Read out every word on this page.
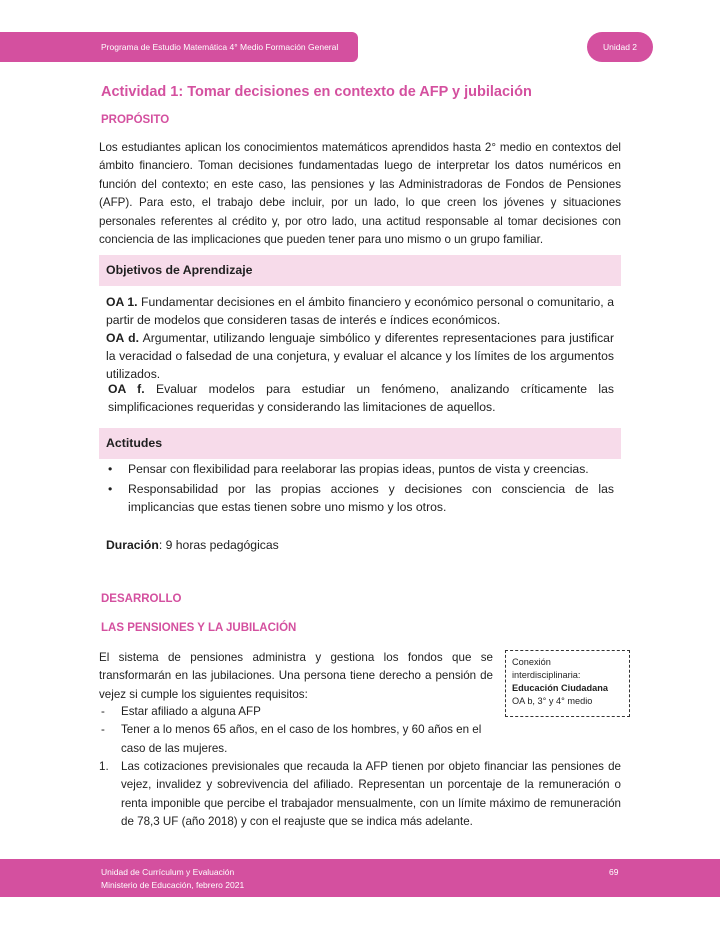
Programa de Estudio Matemática 4° Medio Formación General	Unidad 2
Actividad 1: Tomar decisiones en contexto de AFP y jubilación
PROPÓSITO

Los estudiantes aplican los conocimientos matemáticos aprendidos hasta 2° medio en contextos del ámbito financiero. Toman decisiones fundamentadas luego de interpretar los datos numéricos en función del contexto; en este caso, las pensiones y las Administradoras de Fondos de Pensiones (AFP). Para esto, el trabajo debe incluir, por un lado, lo que creen los jóvenes y situaciones personales referentes al crédito y, por otro lado, una actitud responsable al tomar decisiones con conciencia de las implicaciones que pueden tener para uno mismo o un grupo familiar.

Objetivos de Aprendizaje

OA 1. Fundamentar decisiones en el ámbito financiero y económico personal o comunitario, a partir de modelos que consideren tasas de interés e índices económicos.

OA d. Argumentar, utilizando lenguaje simbólico y diferentes representaciones para justificar la veracidad o falsedad de una conjetura, y evaluar el alcance y los límites de los argumentos utilizados.

OA f. Evaluar modelos para estudiar un fenómeno, analizando críticamente las simplificaciones requeridas y considerando las limitaciones de aquellos.

Actitudes
• Pensar con flexibilidad para reelaborar las propias ideas, puntos de vista y creencias.
• Responsabilidad por las propias acciones y decisiones con consciencia de las implicancias que estas tienen sobre uno mismo y los otros.

Duración: 9 horas pedagógicas

DESARROLLO
LAS PENSIONES Y LA JUBILACIÓN

El sistema de pensiones administra y gestiona los fondos que se transformarán en las jubilaciones. Una persona tiene derecho a pensión de vejez si cumple los siguientes requisitos:

Conexión
interdisciplinaria:
Educación Ciudadana
OA b, 3° y 4° medio
- Estar afiliado a alguna AFP
- Tener a lo menos 65 años, en el caso de los hombres, y 60 años en el caso de las mujeres.
1. Las cotizaciones previsionales que recauda la AFP tienen por objeto financiar las pensiones de vejez, invalidez y sobrevivencia del afiliado. Representan un porcentaje de la remuneración o renta imponible que percibe el trabajador mensualmente, con un límite máximo de remuneración de 78,3 UF (año 2018) y con el reajuste que se indica más adelante.
Unidad de Currículum y Evaluación
Ministerio de Educación, febrero 2021
69
